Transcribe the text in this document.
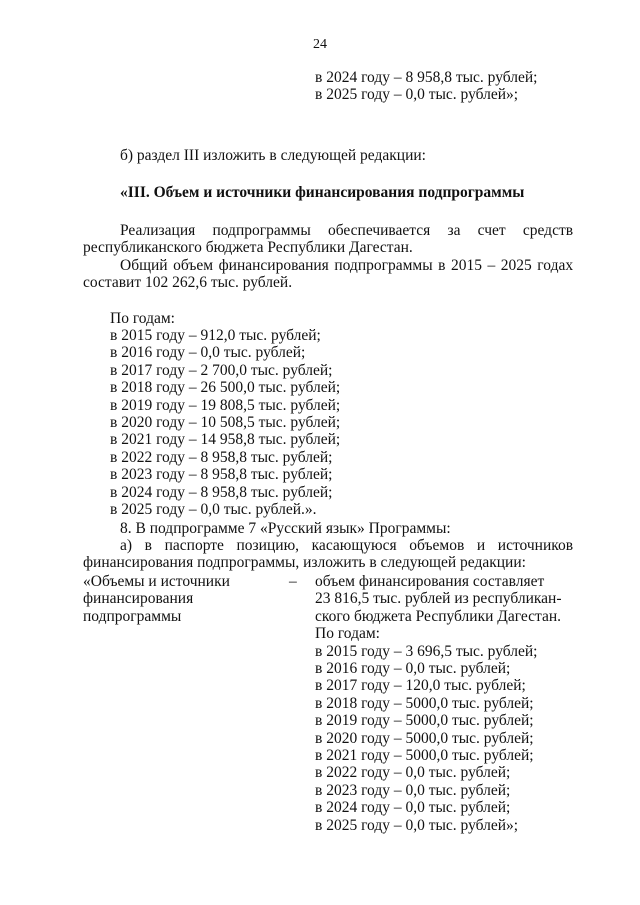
24
в 2024 году – 8 958,8 тыс. рублей;
в 2025 году – 0,0 тыс. рублей»;
б) раздел III изложить в следующей редакции:
«III. Объем и источники финансирования подпрограммы
Реализация подпрограммы обеспечивается за счет средств
республиканского бюджета Республики Дагестан.
Общий объем финансирования подпрограммы в 2015 – 2025 годах
составит 102 262,6 тыс. рублей.
По годам:
в 2015 году – 912,0 тыс. рублей;
в 2016 году – 0,0 тыс. рублей;
в 2017 году – 2 700,0 тыс. рублей;
в 2018 году – 26 500,0 тыс. рублей;
в 2019 году – 19 808,5 тыс. рублей;
в 2020 году – 10 508,5 тыс. рублей;
в 2021 году – 14 958,8 тыс. рублей;
в 2022 году – 8 958,8 тыс. рублей;
в 2023 году – 8 958,8 тыс. рублей;
в 2024 году – 8 958,8 тыс. рублей;
в 2025 году – 0,0 тыс. рублей.».
8. В подпрограмме 7 «Русский язык» Программы:
а) в паспорте позицию, касающуюся объемов и источников
финансирования подпрограммы, изложить в следующей редакции:
«Объемы и источники
финансирования
подпрограммы
– объем финансирования составляет
23 816,5 тыс. рублей из республикан-
ского бюджета Республики Дагестан.
По годам:
в 2015 году – 3 696,5 тыс. рублей;
в 2016 году – 0,0 тыс. рублей;
в 2017 году – 120,0 тыс. рублей;
в 2018 году – 5000,0 тыс. рублей;
в 2019 году – 5000,0 тыс. рублей;
в 2020 году – 5000,0 тыс. рублей;
в 2021 году – 5000,0 тыс. рублей;
в 2022 году – 0,0 тыс. рублей;
в 2023 году – 0,0 тыс. рублей;
в 2024 году – 0,0 тыс. рублей;
в 2025 году – 0,0 тыс. рублей»;
